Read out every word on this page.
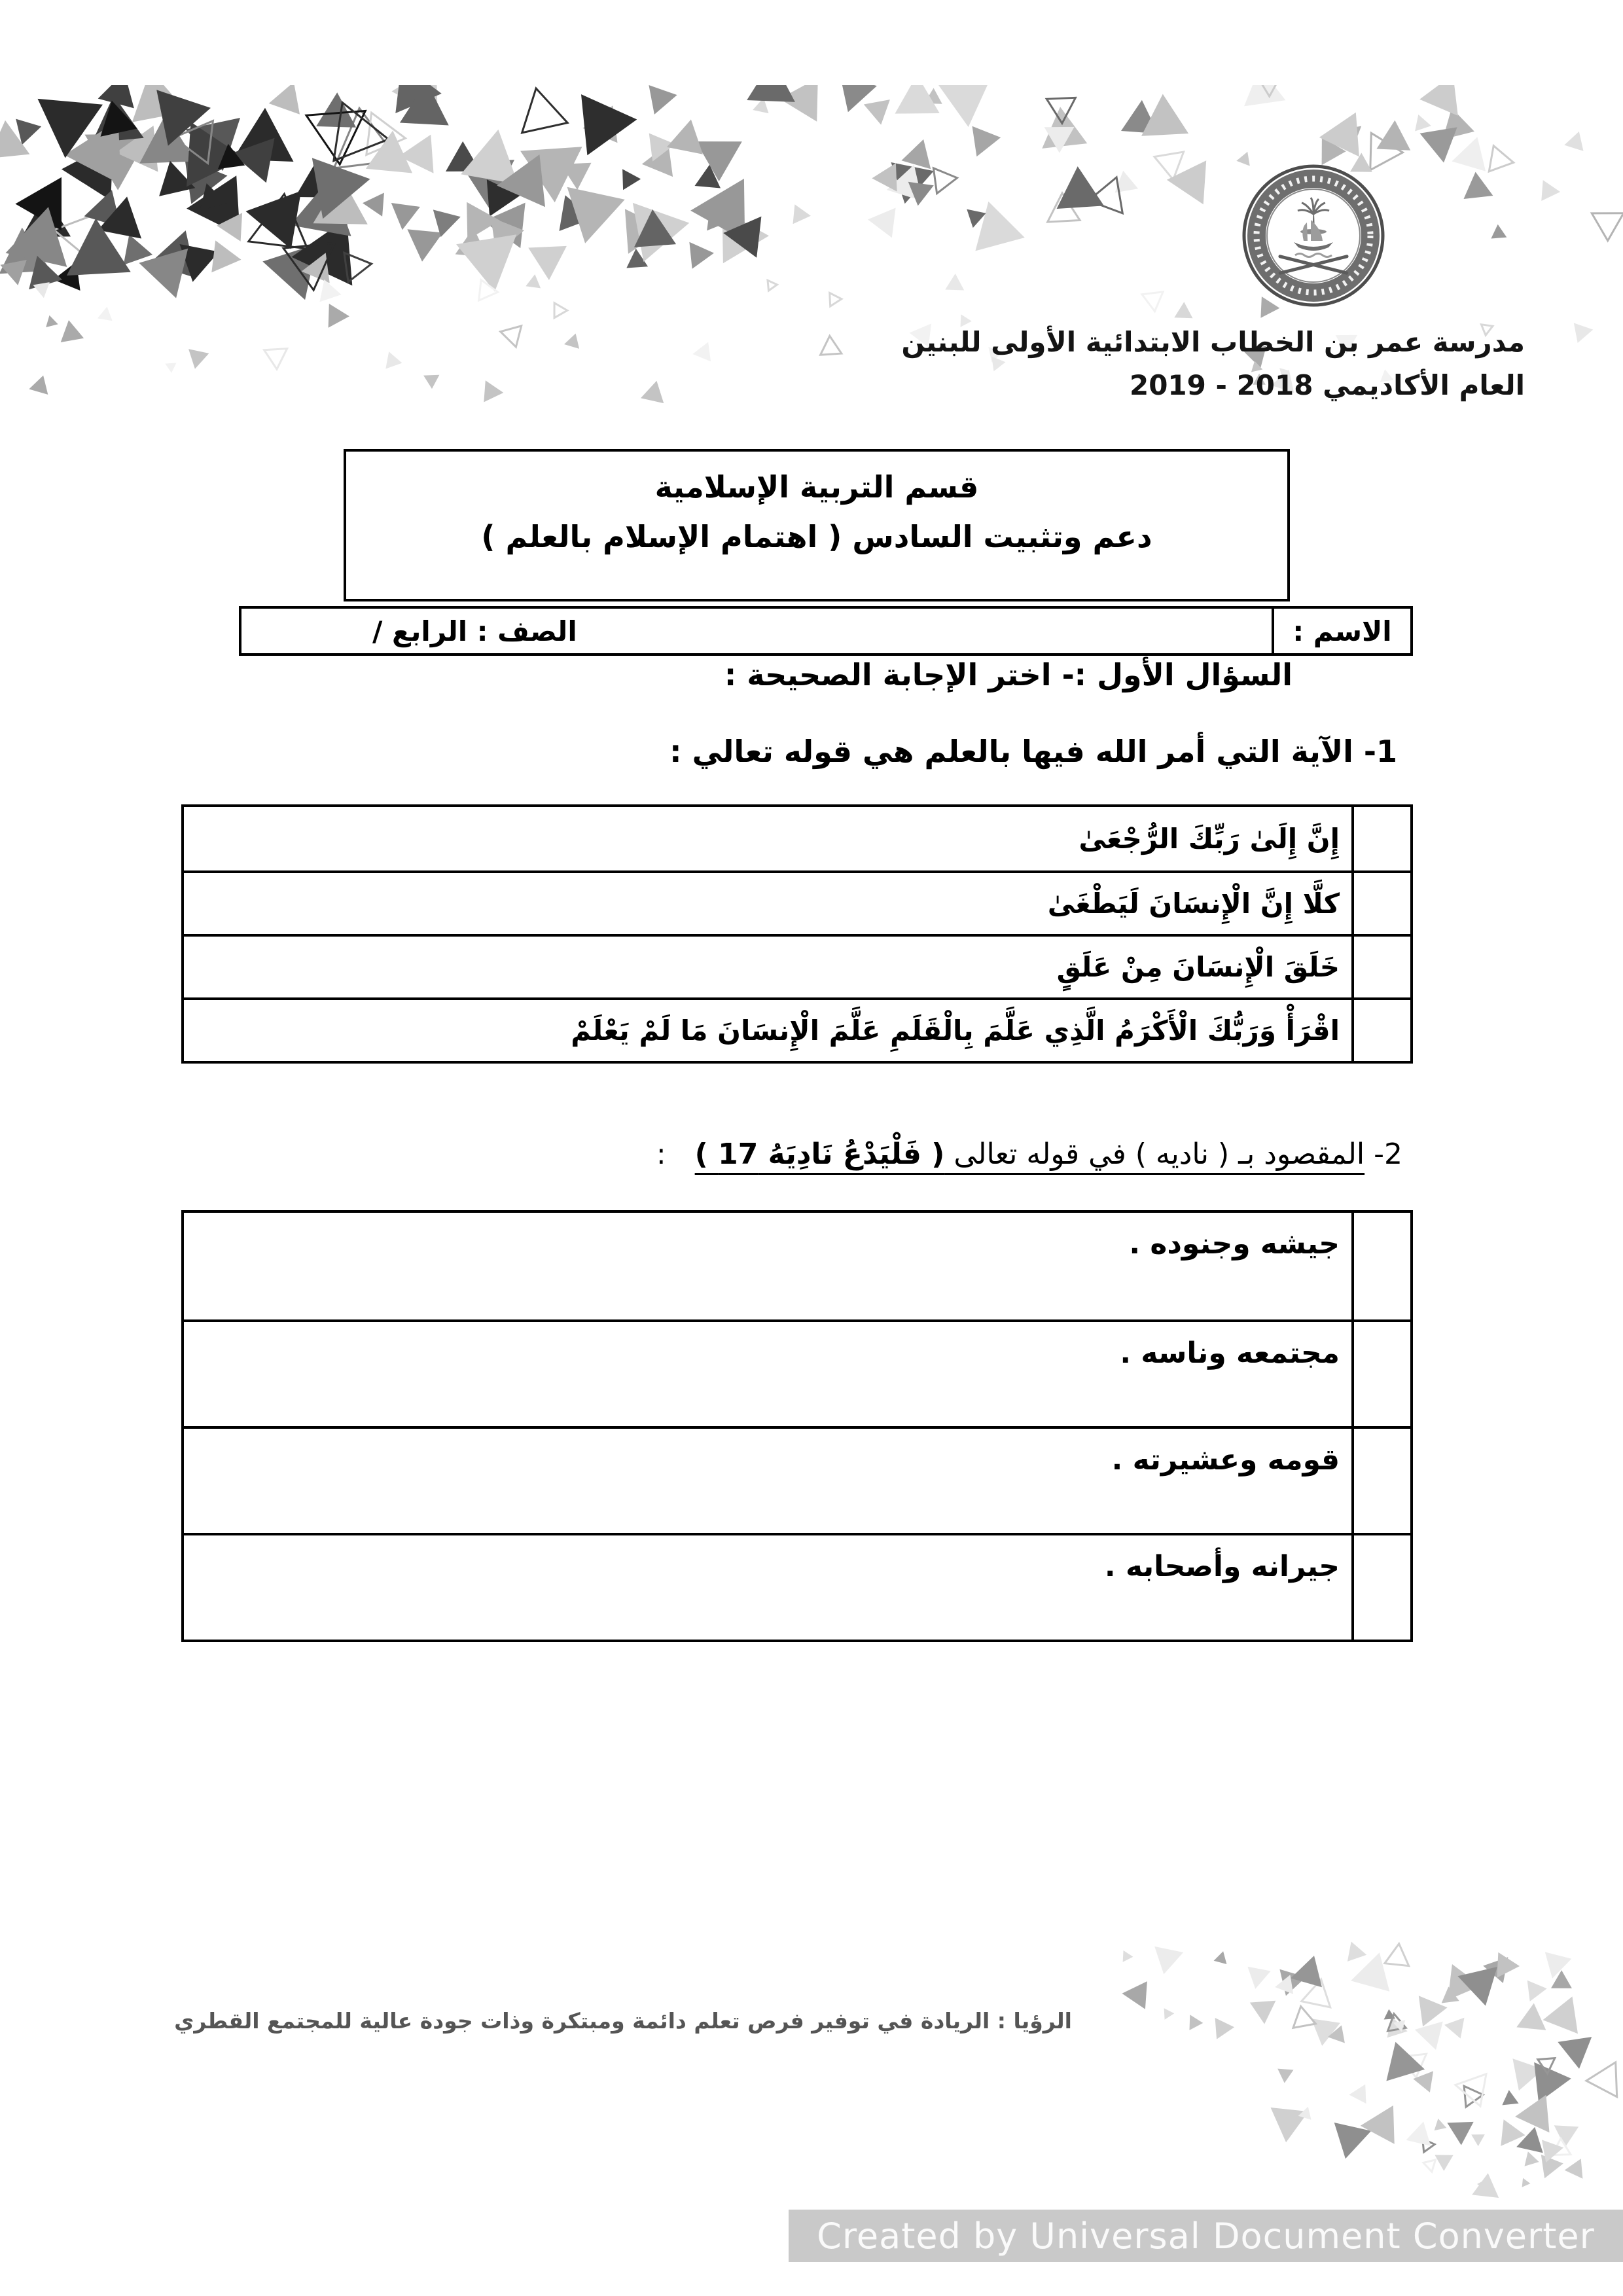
مدرسة عمر بن الخطاب الابتدائية الأولى للبنين
العام الأكاديمي 2018 - 2019
قسم التربية الإسلامية
دعم وتثبيت السادس ( اهتمام الإسلام بالعلم )
الاسم :
الصف : الرابع /
السؤال الأول :- اختر الإجابة الصحيحة :
1- الآية التي أمر الله فيها بالعلم هي قوله تعالي :
إِنَّ إِلَىٰ رَبِّكَ الرُّجْعَىٰ
كلَّا إِنَّ الْإِنسَانَ لَيَطْغَىٰ
خَلَقَ الْإِنسَانَ مِنْ عَلَقٍ
اقْرَأْ وَرَبُّكَ الْأَكْرَمُ الَّذِي عَلَّمَ بِالْقَلَمِ عَلَّمَ الْإِنسَانَ مَا لَمْ يَعْلَمْ
2-المقصود بـ ( ناديه ) في قوله تعالى ( فَلْيَدْعُ نَادِيَهُ 17 ):
جيشه وجنوده .
مجتمعه وناسه .
قومه وعشيرته .
جيرانه وأصحابه .
الرؤيا : الريادة في توفير فرص تعلم دائمة ومبتكرة وذات جودة عالية للمجتمع القطري
Created by Universal Document Converter
